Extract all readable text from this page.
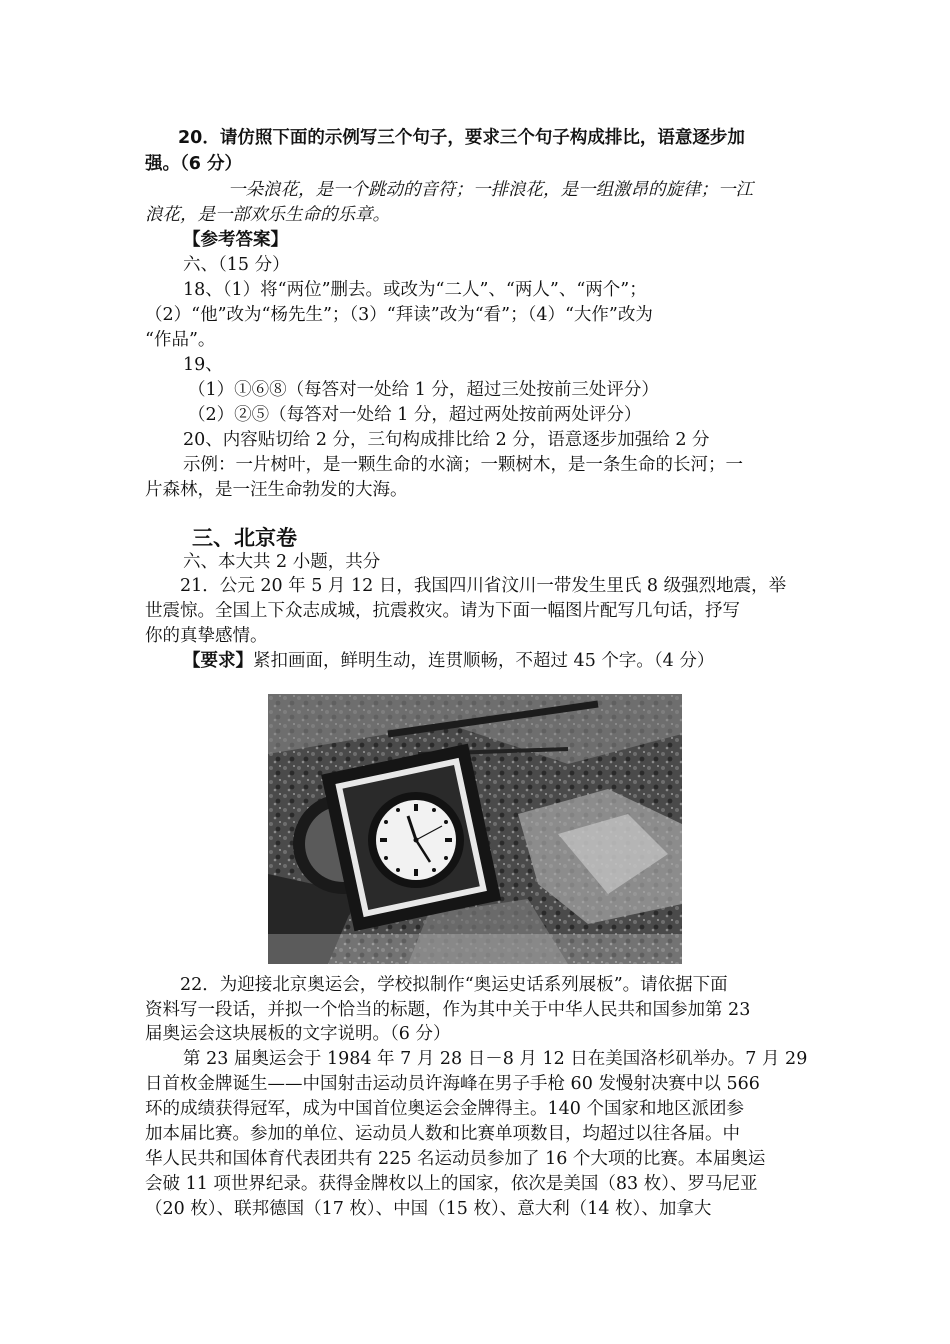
20．请仿照下面的示例写三个句子，要求三个句子构成排比，语意逐步加
强。（6 分）
一朵浪花，是一个跳动的音符；一排浪花，是一组激昂的旋律；一江
浪花，是一部欢乐生命的乐章。
【参考答案】
六、（15 分）
18、（1）将“两位”删去。或改为“二人”、“两人”、“两个”；
（2）“他”改为“杨先生”；（3）“拜读”改为“看”；（4）“大作”改为
“作品”。
19、
（1）①⑥⑧（每答对一处给 1 分，超过三处按前三处评分）
（2）②⑤（每答对一处给 1 分，超过两处按前两处评分）
20、内容贴切给 2 分，三句构成排比给 2 分，语意逐步加强给 2 分
示例：一片树叶，是一颗生命的水滴；一颗树木，是一条生命的长河；一
片森林，是一汪生命勃发的大海。
三、北京卷
六、本大共 2 小题，共分
21．公元 20 年 5 月 12 日，我国四川省汶川一带发生里氏 8 级强烈地震，举
世震惊。全国上下众志成城，抗震救灾。请为下面一幅图片配写几句话，抒写
你的真挚感情。
【要求】紧扣画面，鲜明生动，连贯顺畅，不超过 45 个字。（4 分）
22．为迎接北京奥运会，学校拟制作“奥运史话系列展板”。请依据下面
资料写一段话，并拟一个恰当的标题，作为其中关于中华人民共和国参加第 23
届奥运会这块展板的文字说明。（6 分）
第 23 届奥运会于 1984 年 7 月 28 日－8 月 12 日在美国洛杉矶举办。7 月 29
日首枚金牌诞生——中国射击运动员许海峰在男子手枪 60 发慢射决赛中以 566
环的成绩获得冠军，成为中国首位奥运会金牌得主。140 个国家和地区派团参
加本届比赛。参加的单位、运动员人数和比赛单项数目，均超过以往各届。中
华人民共和国体育代表团共有 225 名运动员参加了 16 个大项的比赛。本届奥运
会破 11 项世界纪录。获得金牌枚以上的国家，依次是美国（83 枚）、罗马尼亚
（20 枚）、联邦德国（17 枚）、中国（15 枚）、意大利（14 枚）、加拿大
